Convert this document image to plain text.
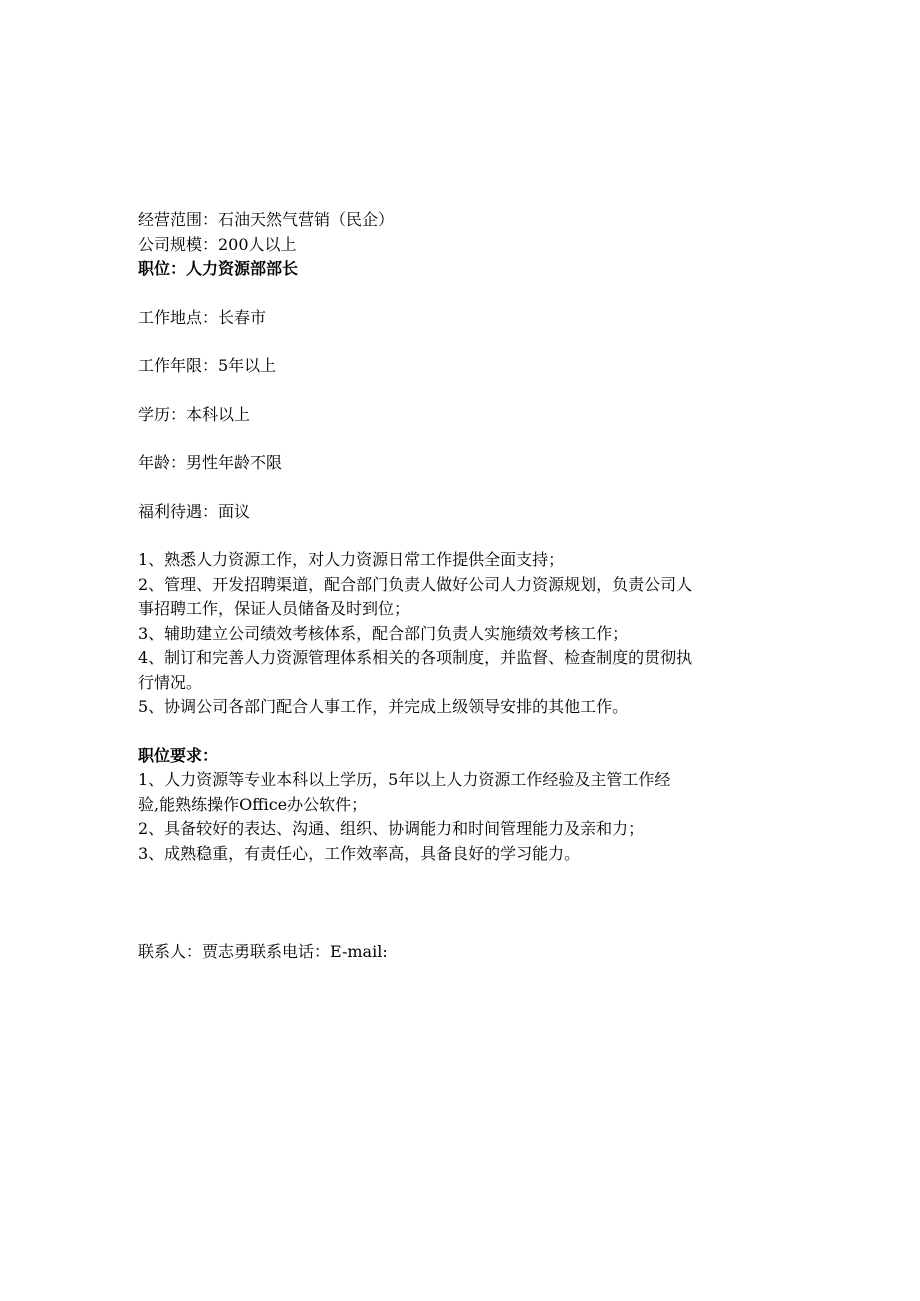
经营范围：石油天然气营销（民企）
公司规模：200人以上
职位：人力资源部部长
工作地点：长春市
工作年限：5年以上
学历：本科以上
年龄：男性年龄不限
福利待遇：面议
1、熟悉人力资源工作，对人力资源日常工作提供全面支持；
2、管理、开发招聘渠道，配合部门负责人做好公司人力资源规划，负责公司人
事招聘工作，保证人员储备及时到位；
3、辅助建立公司绩效考核体系，配合部门负责人实施绩效考核工作；
4、制订和完善人力资源管理体系相关的各项制度，并监督、检查制度的贯彻执
行情况。
5、协调公司各部门配合人事工作，并完成上级领导安排的其他工作。
职位要求：
1、人力资源等专业本科以上学历，5年以上人力资源工作经验及主管工作经
验,能熟练操作Office办公软件；
2、具备较好的表达、沟通、组织、协调能力和时间管理能力及亲和力；
3、成熟稳重，有责任心，工作效率高，具备良好的学习能力。
联系人：贾志勇联系电话：E-mail:
